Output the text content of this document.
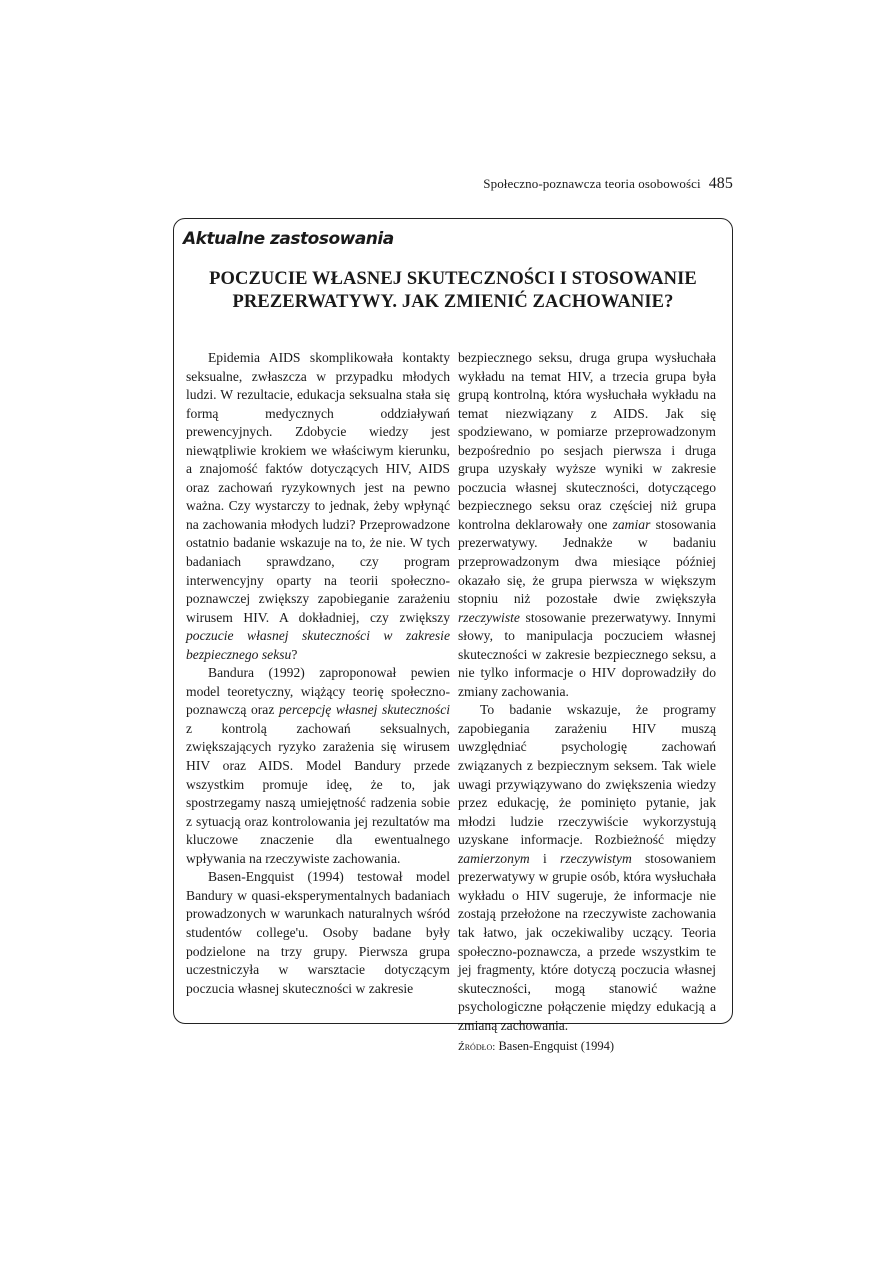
Społeczno-poznawcza teoria osobowości 485
Aktualne zastosowania
POCZUCIE WŁASNEJ SKUTECZNOŚCI I STOSOWANIE PREZERWATYWY. JAK ZMIENIĆ ZACHOWANIE?

Epidemia AIDS skomplikowała kontakty seksualne, zwłaszcza w przypadku młodych ludzi. W rezultacie, edukacja seksualna stała się formą medycznych oddziaływań prewencyjnych. Zdobycie wiedzy jest niewątpliwie krokiem we właściwym kierunku, a znajomość faktów dotyczących HIV, AIDS oraz zachowań ryzykownych jest na pewno ważna. Czy wystarczy to jednak, żeby wpłynąć na zachowania młodych ludzi? Przeprowadzone ostatnio badanie wskazuje na to, że nie. W tych badaniach sprawdzano, czy program interwencyjny oparty na teorii społeczno-poznawczej zwiększy zapobieganie zarażeniu wirusem HIV. A dokładniej, czy zwiększy poczucie własnej skuteczności w zakresie bezpiecznego seksu?

Bandura (1992) zaproponował pewien model teoretyczny, wiążący teorię społeczno-poznawczą oraz percepcję własnej skuteczności z kontrolą zachowań seksualnych, zwiększających ryzyko zarażenia się wirusem HIV oraz AIDS. Model Bandury przede wszystkim promuje ideę, że to, jak spostrzegamy naszą umiejętność radzenia sobie z sytuacją oraz kontrolowania jej rezultatów ma kluczowe znaczenie dla ewentualnego wpływania na rzeczywiste zachowania.

Basen-Engquist (1994) testował model Bandury w quasi-eksperymentalnych badaniach prowadzonych w warunkach naturalnych wśród studentów college'u. Osoby badane były podzielone na trzy grupy. Pierwsza grupa uczestniczyła w warsztacie dotyczącym poczucia własnej skuteczności w zakresie

bezpiecznego seksu, druga grupa wysłuchała wykładu na temat HIV, a trzecia grupa była grupą kontrolną, która wysłuchała wykładu na temat niezwiązany z AIDS. Jak się spodziewano, w pomiarze przeprowadzonym bezpośrednio po sesjach pierwsza i druga grupa uzyskały wyższe wyniki w zakresie poczucia własnej skuteczności, dotyczącego bezpiecznego seksu oraz częściej niż grupa kontrolna deklarowały one zamiar stosowania prezerwatywy. Jednakże w badaniu przeprowadzonym dwa miesiące później okazało się, że grupa pierwsza w większym stopniu niż pozostałe dwie zwiększyła rzeczywiste stosowanie prezerwatywy. Innymi słowy, to manipulacja poczuciem własnej skuteczności w zakresie bezpiecznego seksu, a nie tylko informacje o HIV doprowadziły do zmiany zachowania.

To badanie wskazuje, że programy zapobiegania zarażeniu HIV muszą uwzględniać psychologię zachowań związanych z bezpiecznym seksem. Tak wiele uwagi przywiązywano do zwiększenia wiedzy przez edukację, że pominięto pytanie, jak młodzi ludzie rzeczywiście wykorzystują uzyskane informacje. Rozbieżność między zamierzonym i rzeczywistym stosowaniem prezerwatywy w grupie osób, która wysłuchała wykładu o HIV sugeruje, że informacje nie zostają przełożone na rzeczywiste zachowania tak łatwo, jak oczekiwaliby uczący. Teoria społeczno-poznawcza, a przede wszystkim te jej fragmenty, które dotyczą poczucia własnej skuteczności, mogą stanowić ważne psychologiczne połączenie między edukacją a zmianą zachowania.

Źródło: Basen-Engquist (1994)
